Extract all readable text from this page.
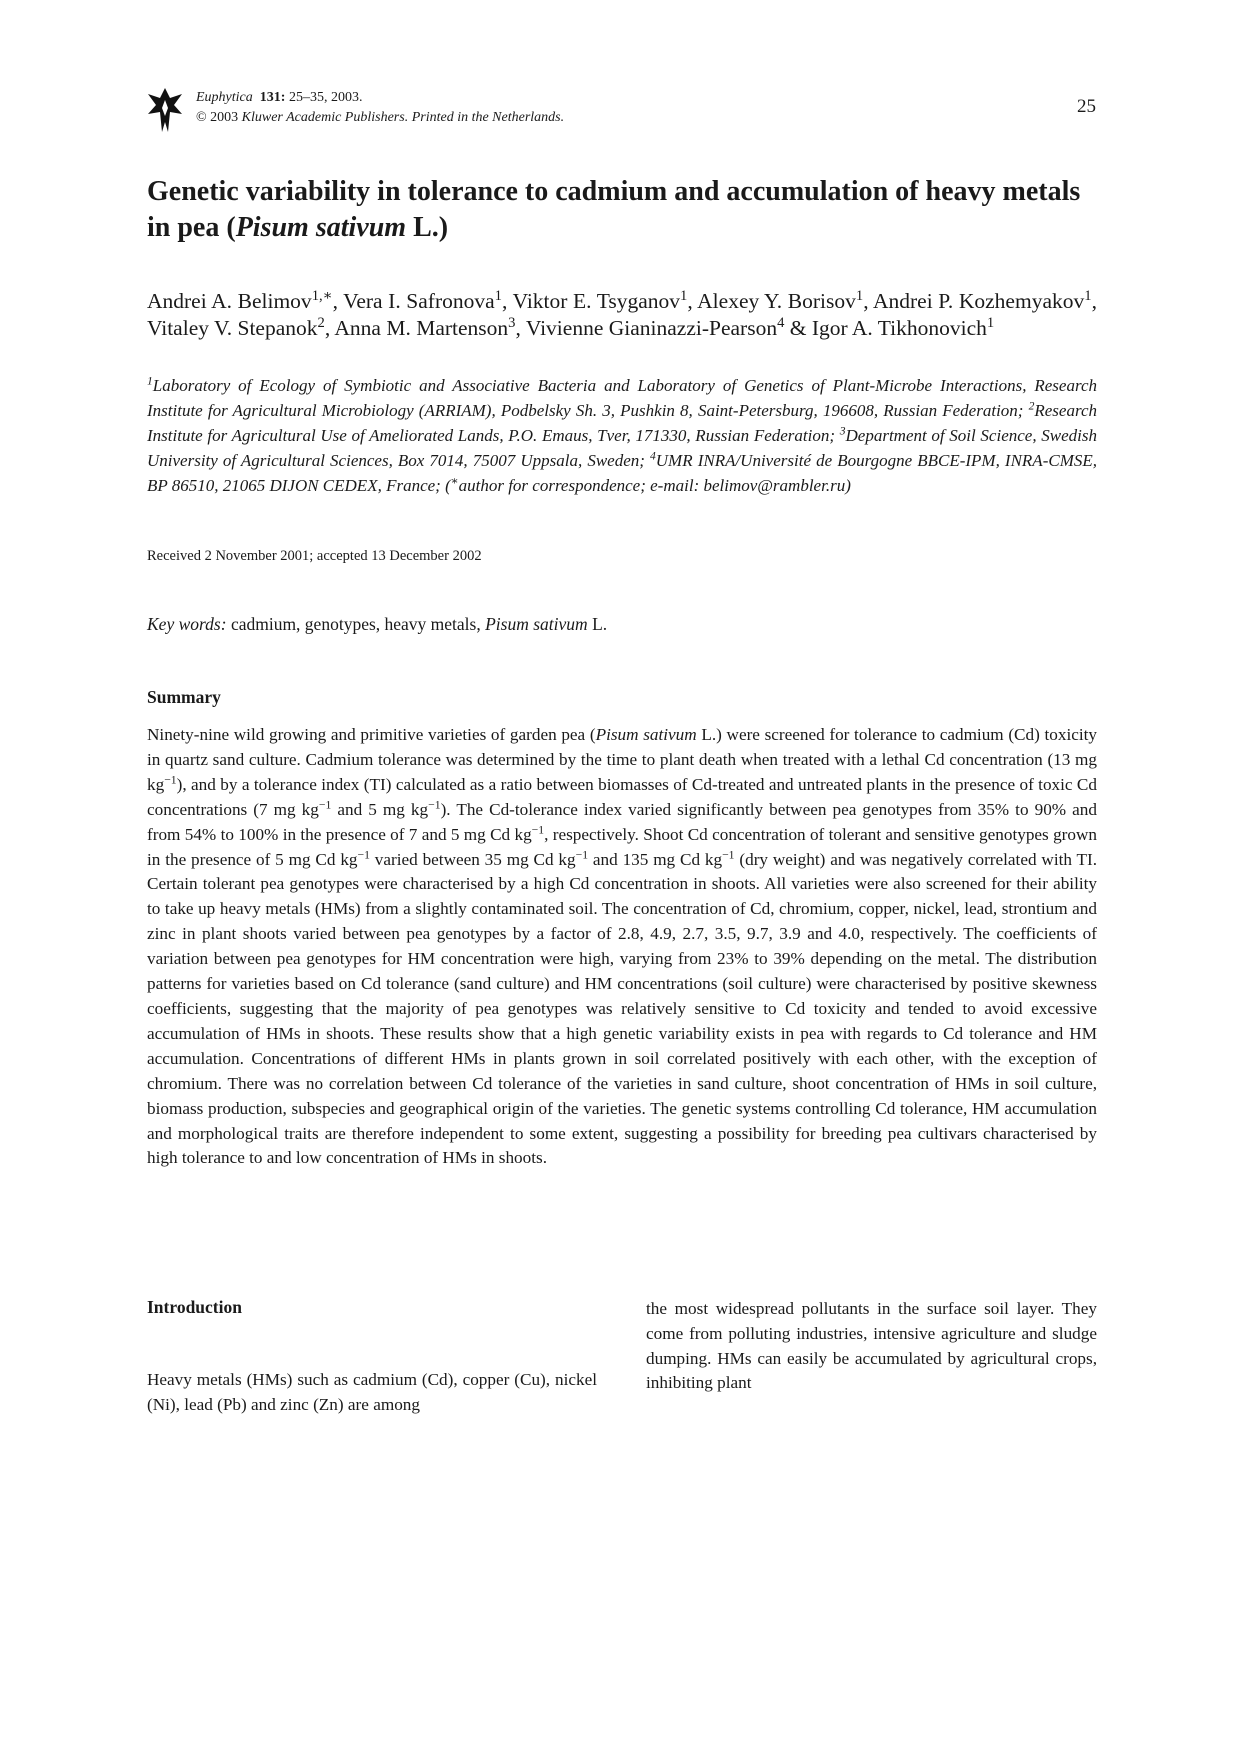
Euphytica 131: 25–35, 2003.
© 2003 Kluwer Academic Publishers. Printed in the Netherlands.
25
Genetic variability in tolerance to cadmium and accumulation of heavy metals in pea (Pisum sativum L.)
Andrei A. Belimov$^{1,∗}$, Vera I. Safronova$^1$, Viktor E. Tsyganov$^1$, Alexey Y. Borisov$^1$, Andrei P. Kozhemyakov$^1$, Vitaley V. Stepanok$^2$, Anna M. Martenson$^3$, Vivienne Gianinazzi-Pearson$^4$ & Igor A. Tikhonovich$^1$
$^1$Laboratory of Ecology of Symbiotic and Associative Bacteria and Laboratory of Genetics of Plant-Microbe Interactions, Research Institute for Agricultural Microbiology (ARRIAM), Podbelsky Sh. 3, Pushkin 8, Saint-Petersburg, 196608, Russian Federation; $^2$Research Institute for Agricultural Use of Ameliorated Lands, P.O. Emaus, Tver, 171330, Russian Federation; $^3$Department of Soil Science, Swedish University of Agricultural Sciences, Box 7014, 75007 Uppsala, Sweden; $^4$UMR INRA/Université de Bourgogne BBCE-IPM, INRA-CMSE, BP 86510, 21065 DIJON CEDEX, France; (∗author for correspondence; e-mail: belimov@rambler.ru)
Received 2 November 2001; accepted 13 December 2002
Key words: cadmium, genotypes, heavy metals, Pisum sativum L.
Summary

Ninety-nine wild growing and primitive varieties of garden pea (Pisum sativum L.) were screened for tolerance to cadmium (Cd) toxicity in quartz sand culture. Cadmium tolerance was determined by the time to plant death when treated with a lethal Cd concentration (13 mg $kg^{-1}$), and by a tolerance index (TI) calculated as a ratio between biomasses of Cd-treated and untreated plants in the presence of toxic Cd concentrations (7 mg $kg^{-1}$ and 5 mg $kg^{-1}$). The Cd-tolerance index varied significantly between pea genotypes from 35% to 90% and from 54% to 100% in the presence of 7 and 5 mg Cd $kg^{-1}$, respectively. Shoot Cd concentration of tolerant and sensitive genotypes grown in the presence of 5 mg Cd $kg^{-1}$ varied between 35 mg Cd $kg^{-1}$ and 135 mg Cd $kg^{-1}$ (dry weight) and was negatively correlated with TI. Certain tolerant pea genotypes were characterised by a high Cd concentration in shoots. All varieties were also screened for their ability to take up heavy metals (HMs) from a slightly contaminated soil. The concentration of Cd, chromium, copper, nickel, lead, strontium and zinc in plant shoots varied between pea genotypes by a factor of 2.8, 4.9, 2.7, 3.5, 9.7, 3.9 and 4.0, respectively. The coefficients of variation between pea genotypes for HM concentration were high, varying from 23% to 39% depending on the metal. The distribution patterns for varieties based on Cd tolerance (sand culture) and HM concentrations (soil culture) were characterised by positive skewness coefficients, suggesting that the majority of pea genotypes was relatively sensitive to Cd toxicity and tended to avoid excessive accumulation of HMs in shoots. These results show that a high genetic variability exists in pea with regards to Cd tolerance and HM accumulation. Concentrations of different HMs in plants grown in soil correlated positively with each other, with the exception of chromium. There was no correlation between Cd tolerance of the varieties in sand culture, shoot concentration of HMs in soil culture, biomass production, subspecies and geographical origin of the varieties. The genetic systems controlling Cd tolerance, HM accumulation and morphological traits are therefore independent to some extent, suggesting a possibility for breeding pea cultivars characterised by high tolerance to and low concentration of HMs in shoots.

Introduction

Heavy metals (HMs) such as cadmium (Cd), copper (Cu), nickel (Ni), lead (Pb) and zinc (Zn) are among

the most widespread pollutants in the surface soil layer. They come from polluting industries, intensive agriculture and sludge dumping. HMs can easily be accumulated by agricultural crops, inhibiting plant
